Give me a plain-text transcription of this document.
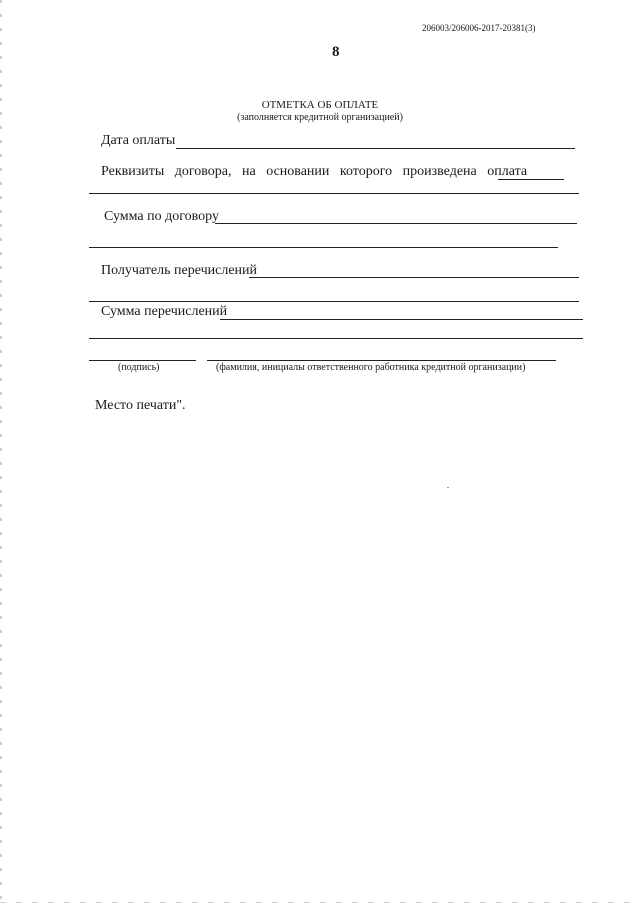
206003/206006-2017-20381(3)
8
ОТМЕТКА ОБ ОПЛАТЕ
(заполняется кредитной организацией)
Дата оплаты
Реквизиты договора, на основании которого произведена оплата
Сумма по договору
Получатель перечислений
Сумма перечислений
(подпись)	(фамилия, инициалы ответственного работника кредитной организации)
Место печати".
